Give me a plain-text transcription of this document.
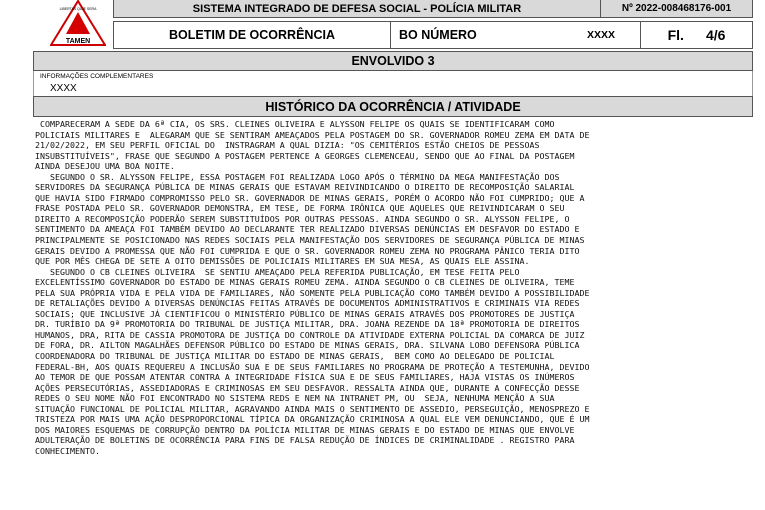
TAMEN
LIBERTAS QUÆ SERA	SISTEMA INTEGRADO DE DEFESA SOCIAL - POLÍCIA MILITAR	Nº 2022-008468176-001
BOLETIM DE OCORRÊNCIA	BO NÚMERO	XXXX	Fl. 4/6
ENVOLVIDO 3
INFORMAÇÕES COMPLEMENTARES
XXXX
HISTÓRICO DA OCORRÊNCIA / ATIVIDADE
COMPARECERAM A SEDE DA 6ª CIA, OS SRS. CLEINES OLIVEIRA E ALYSSON FELIPE OS QUAIS SE IDENTIFICARAM COMO
POLICIAIS MILITARES E  ALEGARAM QUE SE SENTIRAM AMEAÇADOS PELA POSTAGEM DO SR. GOVERNADOR ROMEU ZEMA EM DATA DE
21/02/2022, EM SEU PERFIL OFICIAL DO  INSTRAGRAM A QUAL DIZIA: "OS CEMITÉRIOS ESTÃO CHEIOS DE PESSOAS
INSUBSTITUÍVEIS", FRASE QUE SEGUNDO A POSTAGEM PERTENCE A GEORGES CLEMENCEAU, SENDO QUE AO FINAL DA POSTAGEM
AINDA DESEJOU UMA BOA NOITE.
SEGUNDO O SR. ALYSSON FELIPE, ESSA POSTAGEM FOI REALIZADA LOGO APÓS O TÉRMINO DA MEGA MANIFESTAÇÃO DOS
SERVIDORES DA SEGURANÇA PÚBLICA DE MINAS GERAIS QUE ESTAVAM REIVINDICANDO O DIREITO DE RECOMPOSIÇÃO SALARIAL
QUE HAVIA SIDO FIRMADO COMPROMISSO PELO SR. GOVERNADOR DE MINAS GERAIS, PORÉM O ACORDO NÃO FOI CUMPRIDO; QUE A
FRASE POSTADA PELO SR. GOVERNADOR DEMONSTRA, EM TESE, DE FORMA IRÔNICA QUE AQUELES QUE REIVINDICARAM O SEU
DIREITO A RECOMPOSIÇÃO PODERÃO SEREM SUBSTITUÍDOS POR OUTRAS PESSOAS. AINDA SEGUNDO O SR. ALYSSON FELIPE, O
SENTIMENTO DA AMEAÇA FOI TAMBÉM DEVIDO AO DECLARANTE TER REALIZADO DIVERSAS DENÚNCIAS EM DESFAVOR DO ESTADO E
PRINCIPALMENTE SE POSICIONADO NAS REDES SOCIAIS PELA MANIFESTAÇÃO DOS SERVIDORES DE SEGURANÇA PÚBLICA DE MINAS
GERAIS DEVIDO A PROMESSA QUE NÃO FOI CUMPRIDA E QUE O SR. GOVERNADOR ROMEU ZEMA NO PROGRAMA PÂNICO TERIA DITO
QUE POR MÊS CHEGA DE SETE A OITO DEMISSÕES DE POLICIAIS MILITARES EM SUA MESA, AS QUAIS ELE ASSINA.
SEGUNDO O CB CLEINES OLIVEIRA  SE SENTIU AMEAÇADO PELA REFERIDA PUBLICAÇÃO, EM TESE FEITA PELO
EXCELENTÍSSIMO GOVERNADOR DO ESTADO DE MINAS GERAIS ROMEU ZEMA. AINDA SEGUNDO O CB CLEINES DE OLIVEIRA, TEME
PELA SUA PRÓPRIA VIDA E PELA VIDA DE FAMILIARES, NÃO SOMENTE PELA PUBLICAÇÃO COMO TAMBÉM DEVIDO A POSSIBILIDADE
DE RETALIAÇÕES DEVIDO A DIVERSAS DENÚNCIAS FEITAS ATRAVÉS DE DOCUMENTOS ADMINISTRATIVOS E CRIMINAIS VIA REDES
SOCIAIS; QUE INCLUSIVE JÁ CIENTIFICOU O MINISTÉRIO PÚBLICO DE MINAS GERAIS ATRAVÉS DOS PROMOTORES DE JUSTIÇA
DR. TURÍBIO DA 9ª PROMOTORIA DO TRIBUNAL DE JUSTIÇA MILITAR, DRA. JOANA REZENDE DA 18ª PROMOTORIA DE DIREITOS
HUMANOS, DRA, RITA DE CASSIA PROMOTORA DE JUSTIÇA DO CONTROLE DA ATIVIDADE EXTERNA POLICIAL DA COMARCA DE JUIZ
DE FORA, DR. AILTON MAGALHÃES DEFENSOR PÚBLICO DO ESTADO DE MINAS GERAIS, DRA. SILVANA LOBO DEFENSORA PÚBLICA
COORDENADORA DO TRIBUNAL DE JUSTIÇA MILITAR DO ESTADO DE MINAS GERAIS,  BEM COMO AO DELEGADO DE POLICIAL
FEDERAL-BH, AOS QUAIS REQUEREU A INCLUSÃO SUA E DE SEUS FAMILIARES NO PROGRAMA DE PROTEÇÃO A TESTEMUNHA, DEVIDO
AO TEMOR DE QUE POSSAM ATENTAR CONTRA A INTEGRIDADE FÍSICA SUA E DE SEUS FAMILIARES, HAJA VISTAS OS INÚMEROS
AÇÕES PERSECUTÓRIAS, ASSEDIADORAS E CRIMINOSAS EM SEU DESFAVOR. RESSALTA AINDA QUE, DURANTE A CONFECÇÃO DESSE
REDES O SEU NOME NÃO FOI ENCONTRADO NO SISTEMA REDS E NEM NA INTRANET PM, OU  SEJA, NENHUMA MENÇÃO A SUA
SITUAÇÃO FUNCIONAL DE POLICIAL MILITAR, AGRAVANDO AINDA MAIS O SENTIMENTO DE ASSEDIO, PERSEGUIÇÃO, MENOSPREZO E
TRISTEZA POR MAIS UMA AÇÃO DESPROPORCIONAL TÍPICA DA ORGANIZAÇÃO CRIMINOSA A QUAL ELE VEM DENUNCIANDO, QUE É UM
DOS MAIORES ESQUEMAS DE CORRUPÇÃO DENTRO DA POLÍCIA MILITAR DE MINAS GERAIS E DO ESTADO DE MINAS QUE ENVOLVE
ADULTERAÇÃO DE BOLETINS DE OCORRÊNCIA PARA FINS DE FALSA REDUÇÃO DE ÍNDICES DE CRIMINALIDADE . REGISTRO PARA
CONHECIMENTO.
